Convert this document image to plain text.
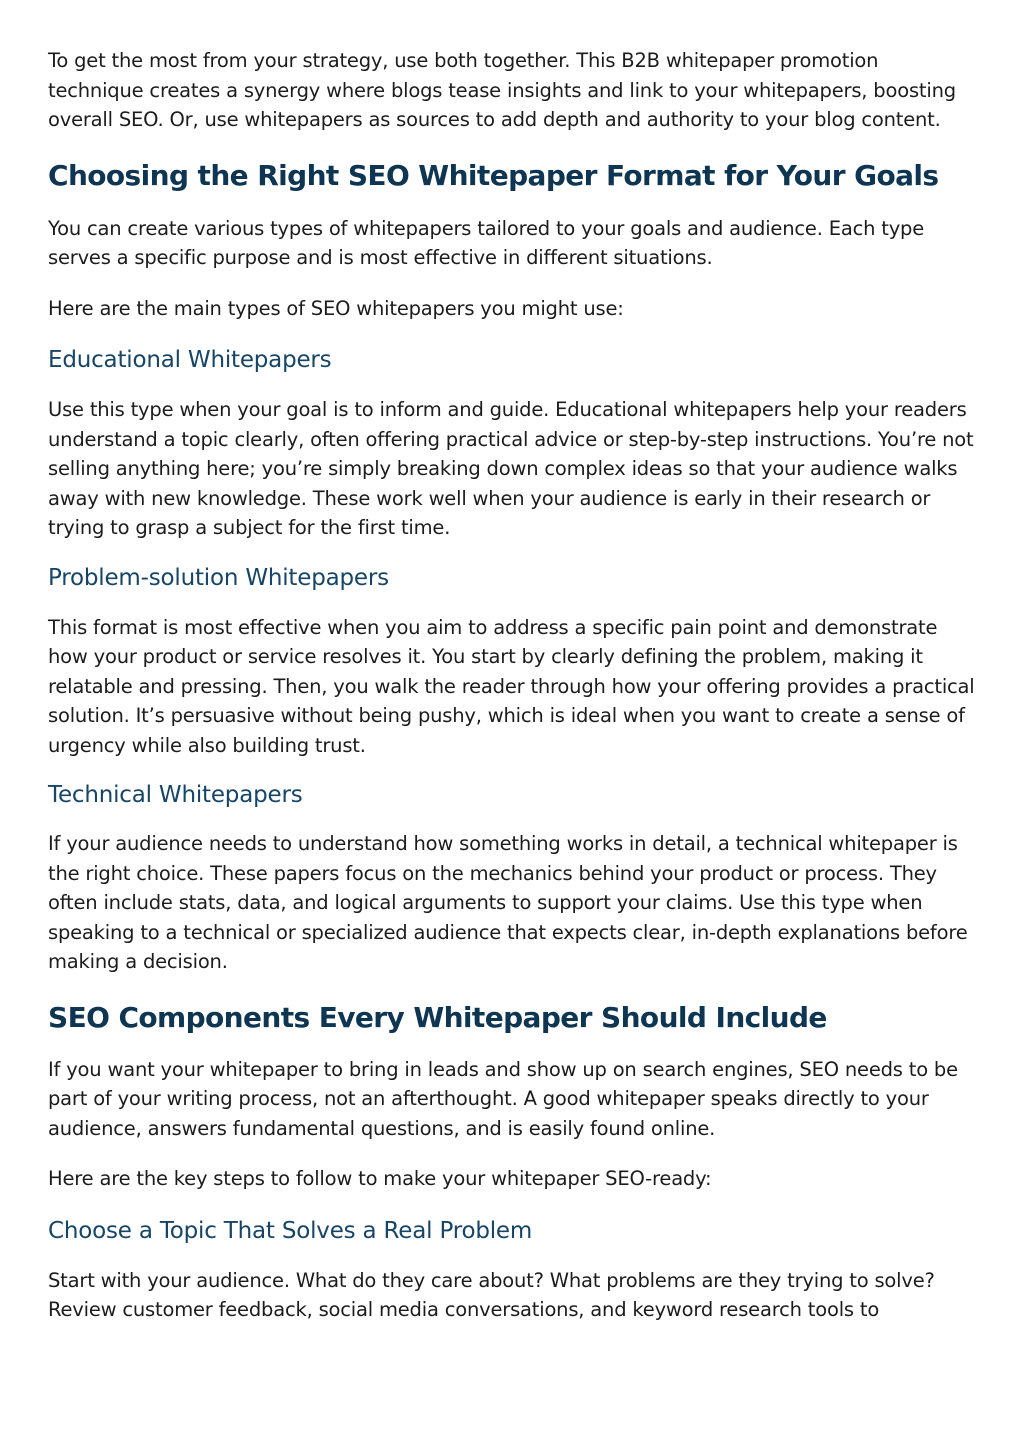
To get the most from your strategy, use both together. This B2B whitepaper promotion technique creates a synergy where blogs tease insights and link to your whitepapers, boosting overall SEO. Or, use whitepapers as sources to add depth and authority to your blog content.

Choosing the Right SEO Whitepaper Format for Your Goals

You can create various types of whitepapers tailored to your goals and audience. Each type serves a specific purpose and is most effective in different situations.

Here are the main types of SEO whitepapers you might use:

Educational Whitepapers

Use this type when your goal is to inform and guide. Educational whitepapers help your readers understand a topic clearly, often offering practical advice or step-by-step instructions. You’re not selling anything here; you’re simply breaking down complex ideas so that your audience walks away with new knowledge. These work well when your audience is early in their research or trying to grasp a subject for the first time.

Problem-solution Whitepapers

This format is most effective when you aim to address a specific pain point and demonstrate how your product or service resolves it. You start by clearly defining the problem, making it relatable and pressing. Then, you walk the reader through how your offering provides a practical solution. It’s persuasive without being pushy, which is ideal when you want to create a sense of urgency while also building trust.

Technical Whitepapers

If your audience needs to understand how something works in detail, a technical whitepaper is the right choice. These papers focus on the mechanics behind your product or process. They often include stats, data, and logical arguments to support your claims. Use this type when speaking to a technical or specialized audience that expects clear, in-depth explanations before making a decision.

SEO Components Every Whitepaper Should Include

If you want your whitepaper to bring in leads and show up on search engines, SEO needs to be part of your writing process, not an afterthought. A good whitepaper speaks directly to your audience, answers fundamental questions, and is easily found online.

Here are the key steps to follow to make your whitepaper SEO-ready:

Choose a Topic That Solves a Real Problem

Start with your audience. What do they care about? What problems are they trying to solve? Review customer feedback, social media conversations, and keyword research tools to
